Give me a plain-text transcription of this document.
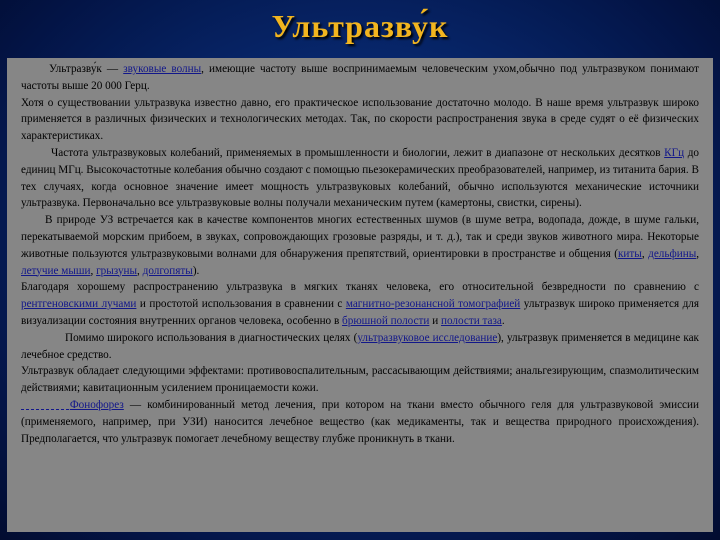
Ультразву́к

Ультразву́к — звуковые волны, имеющие частоту выше воспринимаемым человеческим ухом,обычно под ультразвуком понимают частоты выше 20 000 Герц.

Хотя о существовании ультразвука известно давно, его практическое использование достаточно молодо. В наше время ультразвук широко применяется в различных физических и технологических методах. Так, по скорости распространения звука в среде судят о её физических характеристиках.

Частота ультразвуковых колебаний, применяемых в промышленности и биологии, лежит в диапазоне от нескольких десятков КГц до единиц МГц. Высокочастотные колебания обычно создают с помощью пьезокерамических преобразователей, например, из титанита бария. В тех случаях, когда основное значение имеет мощность ультразвуковых колебаний, обычно используются механические источники ультразвука. Первоначально все ультразвуковые волны получали механическим путем (камертоны, свистки, сирены).

В природе УЗ встречается как в качестве компонентов многих естественных шумов (в шуме ветра, водопада, дожде, в шуме гальки, перекатываемой морским прибоем, в звуках, сопровождающих грозовые разряды, и т. д.), так и среди звуков животного мира. Некоторые животные пользуются ультразвуковыми волнами для обнаружения препятствий, ориентировки в пространстве и общения (киты, дельфины, летучие мыши, грызуны, долгопяты).

Благодаря хорошему распространению ультразвука в мягких тканях человека, его относительной безвредности по сравнению с рентгеновскими лучами и простотой использования в сравнении с магнитно-резонансной томографией ультразвук широко применяется для визуализации состояния внутренних органов человека, особенно в брюшной полости и полости таза.

Помимо широкого использования в диагностических целях (ультразвуковое исследование), ультразвук применяется в медицине как лечебное средство.

Ультразвук обладает следующими эффектами: противовоспалительным, рассасывающим действиями; анальгезирующим, спазмолитическим действиями; кавитационным усилением проницаемости кожи.

Фонофорез — комбинированный метод лечения, при котором на ткани вместо обычного геля для ультразвуковой эмиссии (применяемого, например, при УЗИ) наносится лечебное вещество (как медикаменты, так и вещества природного происхождения). Предполагается, что ультразвук помогает лечебному веществу глубже проникнуть в ткани.
